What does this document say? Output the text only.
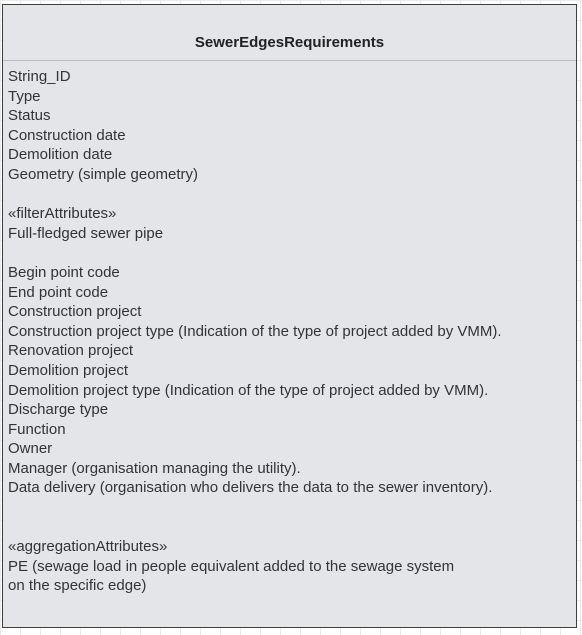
SewerEdgesRequirements
String_ID
Type
Status
Construction date
Demolition date
Geometry (simple geometry)
«filterAttributes»
Full-fledged sewer pipe
Begin point code
End point code
Construction project
Construction project type (Indication of the type of project added by VMM).
Renovation project
Demolition project
Demolition project type (Indication of the type of project added by VMM).
Discharge type
Function
Owner
Manager (organisation managing the utility).
Data delivery (organisation who delivers the data to the sewer inventory).
«aggregationAttributes»
PE (sewage load in people equivalent added to the sewage system
on the specific edge)
